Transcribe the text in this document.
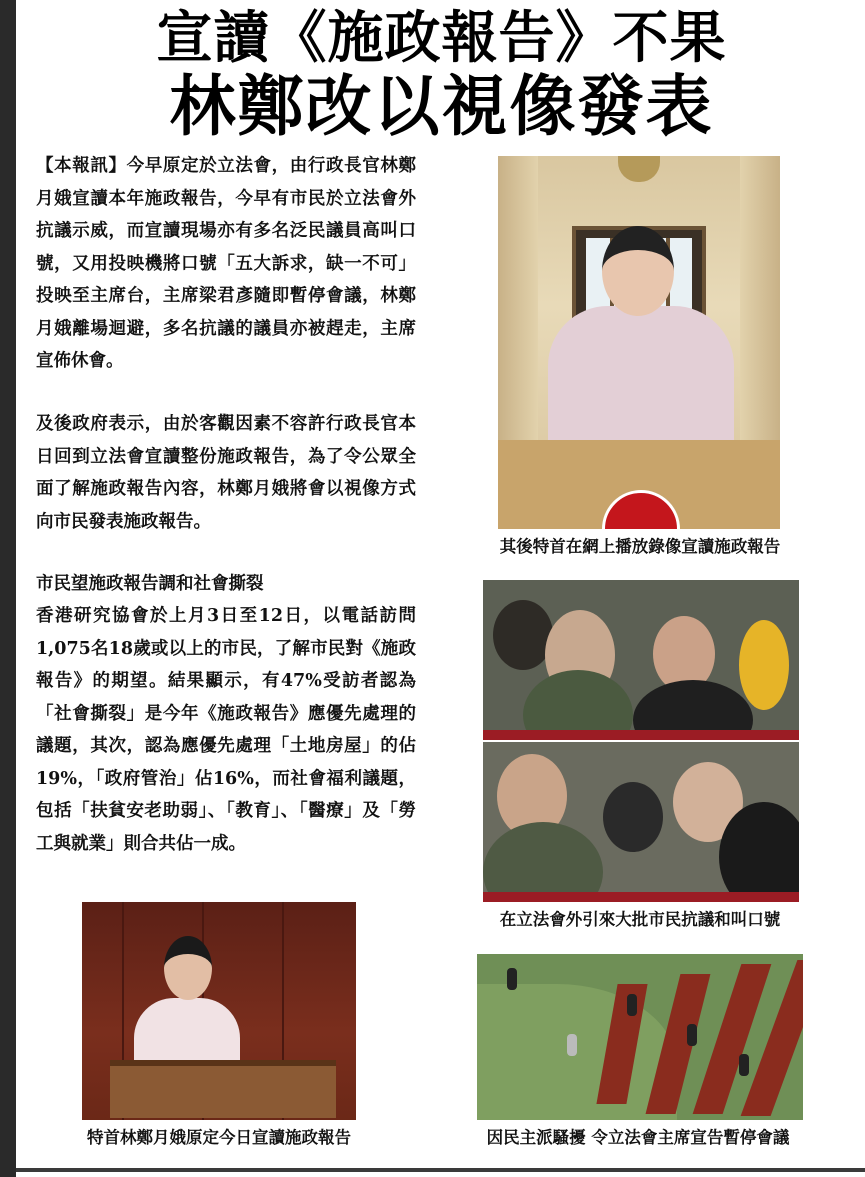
宣讀《施政報告》不果
林鄭改以視像發表

【本報訊】今早原定於立法會，由行政長官林鄭月娥宣讀本年施政報告，今早有市民於立法會外抗議示威，而宣讀現場亦有多名泛民議員高叫口號，又用投映機將口號「五大訴求，缺一不可」投映至主席台，主席梁君彥隨即暫停會議，林鄭月娥離場迴避，多名抗議的議員亦被趕走，主席宣佈休會。

及後政府表示，由於客觀因素不容許行政長官本日回到立法會宣讀整份施政報告，為了令公眾全面了解施政報告內容，林鄭月娥將會以視像方式向市民發表施政報告。

市民望施政報告調和社會撕裂

香港研究協會於上月3日至12日，以電話訪問1,075名18歲或以上的市民，了解市民對《施政報告》的期望。結果顯示，有47%受訪者認為「社會撕裂」是今年《施政報告》應優先處理的議題，其次，認為應優先處理「土地房屋」的佔19%，「政府管治」佔16%，而社會福利議題，包括「扶貧安老助弱」、「教育」、「醫療」及「勞工與就業」則合共佔一成。

其後特首在網上播放錄像宣讀施政報告
在立法會外引來大批市民抗議和叫口號
特首林鄭月娥原定今日宣讀施政報告	因民主派騷擾 令立法會主席宣告暫停會議
